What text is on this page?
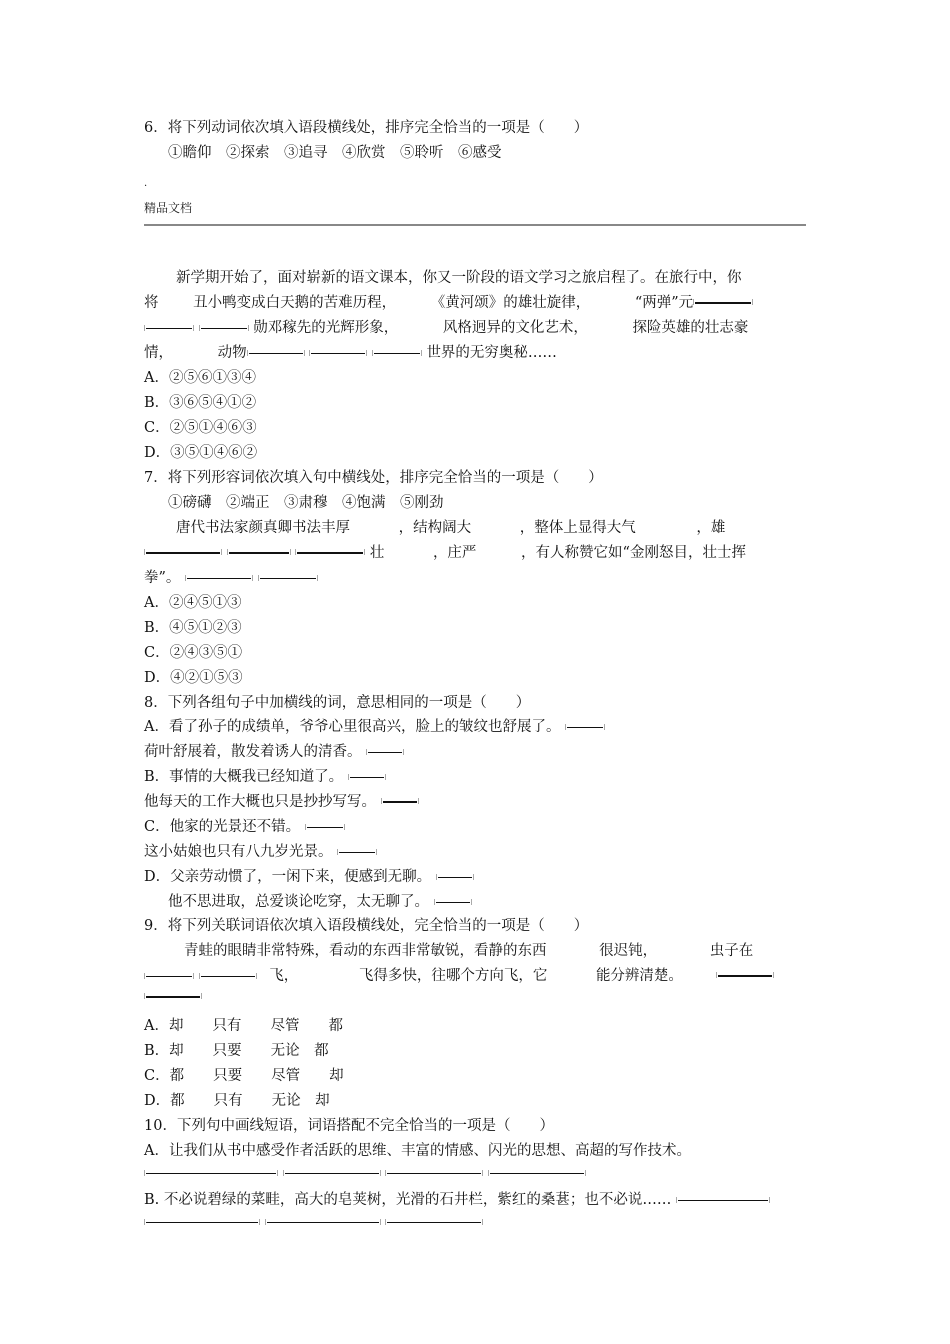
6．将下列动词依次填入语段横线处，排序完全恰当的一项是（　　）
①瞻仰　②探索　③追寻　④欣赏　⑤聆听　⑥感受
.
精品文档
新学期开始了，面对崭新的语文课本，你又一阶段的语文学习之旅启程了。在旅行中，你
将 丑小鸭变成白天鹅的苦难历程， 《黄河颂》的雄壮旋律，	“两弹”元
勋邓稼先的光辉形象，	风格迥异的文化艺术，	探险英雄的壮志豪
情，	动物	世界的无穷奥秘……
A．②⑤⑥①③④
B．③⑥⑤④①②
C．②⑤①④⑥③
D．③⑤①④⑥②
7．将下列形容词依次填入句中横线处，排序完全恰当的一项是（　　）
①磅礴　②端正　③肃穆　④饱满　⑤刚劲
唐代书法家颜真卿书法丰厚	，结构阔大	，整体上显得大气	，雄
壮	，庄严	，有人称赞它如“金刚怒目，壮士挥
拳”。
A．②④⑤①③
B．④⑤①②③
C．②④③⑤①
D．④②①⑤③
8．下列各组句子中加横线的词，意思相同的一项是（　　）
A．看了孙子的成绩单，爷爷心里很高兴，脸上的皱纹也舒展了。
荷叶舒展着，散发着诱人的清香。
B．事情的大概我已经知道了。
他每天的工作大概也只是抄抄写写。
C．他家的光景还不错。
这小姑娘也只有八九岁光景。
D．父亲劳动惯了，一闲下来，便感到无聊。
他不思进取，总爱谈论吃穿，太无聊了。
9．将下列关联词语依次填入语段横线处，完全恰当的一项是（　　）
青蛙的眼睛非常特殊，看动的东西非常敏锐，看静的东西	很迟钝，	虫子在
飞，	飞得多快，往哪个方向飞，它	能分辨清楚。
A．却　　只有　　尽管　　都
B．却　　只要　　无论　都
C．都　　只要　　尽管　　却
D．都　　只有　　无论　却
10．下列句中画线短语，词语搭配不完全恰当的一项是（　　）
A．让我们从书中感受作者活跃的思维、丰富的情感、闪光的思想、高超的写作技术。

B. 不必说碧绿的菜畦，高大的皂荚树，光滑的石井栏，紫红的桑葚；也不必说……
